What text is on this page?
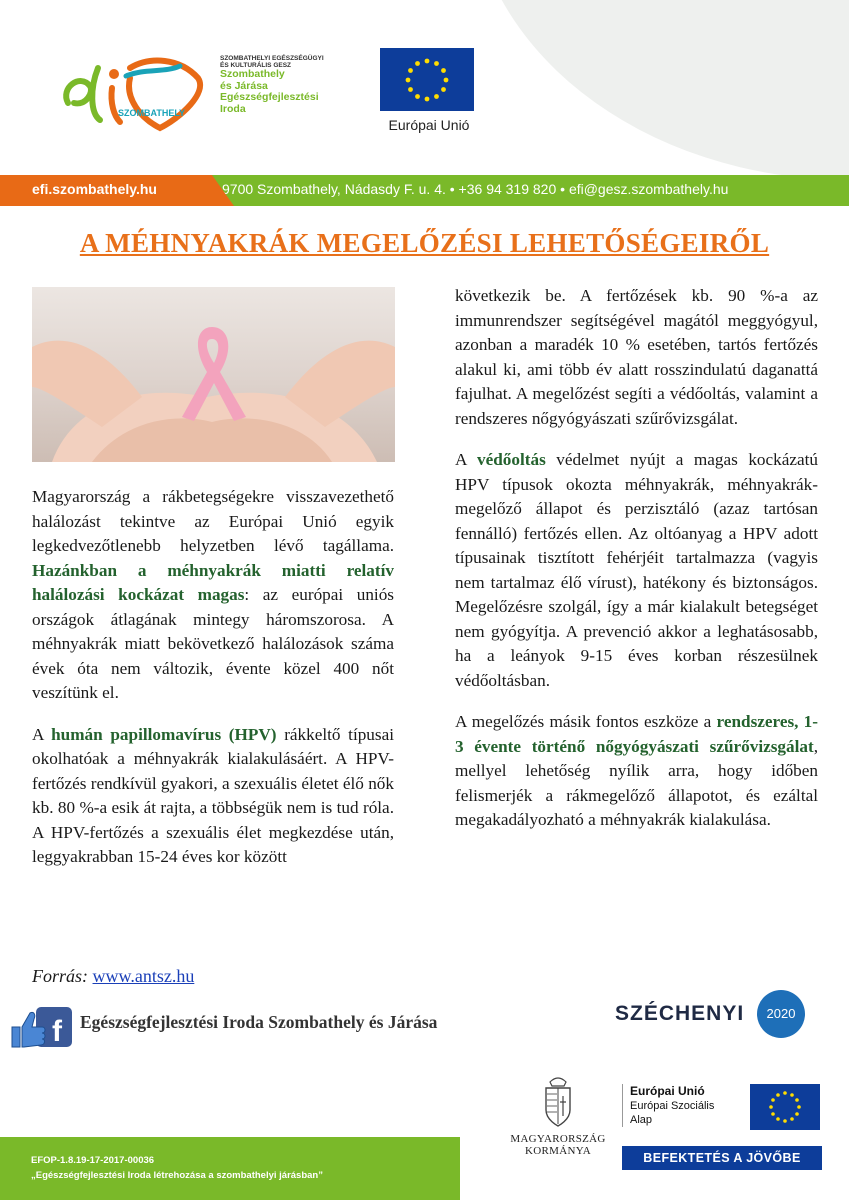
SZOMBATHELY
SZOMBATHELYI EGÉSZSÉGÜGYI
ÉS KULTURÁLIS GESZ
Szombathely
és Járása
Egészségfejlesztési
Iroda
Európai Unió
efi.szombathely.hu	9700 Szombathely, Nádasdy F. u. 4. • +36 94 319 820 • efi@gesz.szombathely.hu
A MÉHNYAKRÁK MEGELŐZÉSI LEHETŐSÉGEIRŐL

Magyarország a rákbetegségekre visszavezethető halálozást tekintve az Európai Unió egyik legkedvezőtlenebb helyzetben lévő tagállama. Hazánkban a méhnyakrák miatti relatív halálozási kockázat magas: az európai uniós országok átlagának mintegy háromszorosa. A méhnyakrák miatt bekövetkező halálozások száma évek óta nem változik, évente közel 400 nőt veszítünk el.

A humán papillomavírus (HPV) rákkeltő típusai okolhatóak a méhnyakrák kialakulásáért. A HPV-fertőzés rendkívül gyakori, a szexuális életet élő nők kb. 80 %-a esik át rajta, a többségük nem is tud róla. A HPV-fertőzés a szexuális élet megkezdése után, leggyakrabban 15-24 éves kor között

következik be. A fertőzések kb. 90 %-a az immunrendszer segítségével magától meggyógyul, azonban a maradék 10 % esetében, tartós fertőzés alakul ki, ami több év alatt rosszindulatú daganattá fajulhat. A megelőzést segíti a védőoltás, valamint a rendszeres nőgyógyászati szűrővizsgálat.

A védőoltás védelmet nyújt a magas kockázatú HPV típusok okozta méhnyakrák, méhnyakrák-megelőző állapot és perzisztáló (azaz tartósan fennálló) fertőzés ellen. Az oltóanyag a HPV adott típusainak tisztított fehérjéit tartalmazza (vagyis nem tartalmaz élő vírust), hatékony és biztonságos. Megelőzésre szolgál, így a már kialakult betegséget nem gyógyítja. A prevenció akkor a leghatásosabb, ha a leányok 9-15 éves korban részesülnek védőoltásban.

A megelőzés másik fontos eszköze a rendszeres, 1-3 évente történő nőgyógyászati szűrővizsgálat, mellyel lehetőség nyílik arra, hogy időben felismerjék a rákmegelőző állapotot, és ezáltal megakadályozható a méhnyakrák kialakulása.

Forrás: www.antsz.hu
f Egészségfejlesztési Iroda Szombathely és Járása	SZÉCHENYI	2020
EFOP-1.8.19-17-2017-00036
„Egészségfejlesztési Iroda létrehozása a szombathelyi járásban”
MAGYARORSZÁG
KORMÁNYA
Európai Unió
Európai Szociális
Alap
BEFEKTETÉS A JÖVŐBE
